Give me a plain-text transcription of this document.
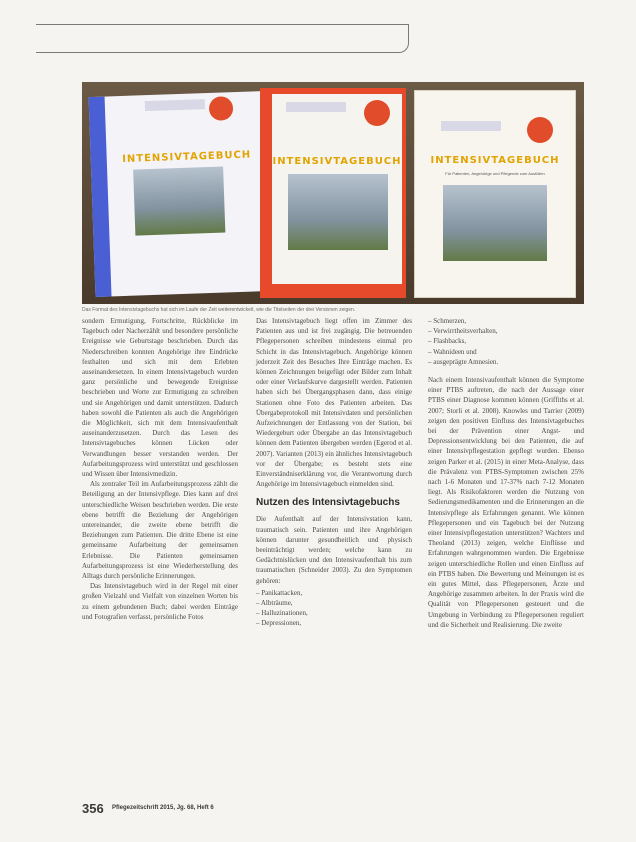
INTENSIVTAGEBUCH	INTENSIVTAGEBUCH	INTENSIVTAGEBUCH
Für Patienten, Angehörige und Pflegende zum Ausfüllen
Das Format des Intensivtagebuchs hat sich im Laufe der Zeit weiterentwickelt, wie die Titelseiten der drei Versionen zeigen.

sondern Ermutigung, Fortschritte, Rückblicke im Tagebuch oder Nacherzählt und besondere persönliche Ereignisse wie Geburtstage beschrieben. Durch das Niederschreiben konnten Angehörige ihre Eindrücke festhalten und sich mit dem Erlebten auseinandersetzen. In einem Intensivtagebuch wurden ganz persönliche und bewegende Ereignisse beschrieben und Worte zur Ermutigung zu schreiben und sie Angehörigen und damit unterstützen. Dadurch haben sowohl die Patienten als auch die Angehörigen die Möglichkeit, sich mit dem Intensivaufenthalt auseinanderzusetzen. Durch das Lesen des Intensivtagebuches können Lücken oder Verwandlungen besser verstanden werden. Der Aufarbeitungsprozess wird unterstützt und geschlossen und Wissen über Intensivmedizin.

Als zentraler Teil im Aufarbeitungsprozess zählt die Beteiligung an der Intensivpflege. Dies kann auf drei unterschiedliche Weisen beschrieben werden. Die erste ebene betrifft die Beziehung der Angehörigen untereinander, die zweite ebene betrifft die Beziehungen zum Patienten. Die dritte Ebene ist eine gemeinsame Aufarbeitung der gemeinsamen Erlebnisse. Die Patienten gemeinsamen Aufarbeitungsprozess ist eine Wiederherstellung des Alltags durch persönliche Erinnerungen.

Das Intensivtagebuch wird in der Regel mit einer großen Vielzahl und Vielfalt von einzelnen Worten bis zu einem gebundenen Buch; dabei werden Einträge und Fotografien verfasst, persönliche Fotos

Das Intensivtagebuch liegt offen im Zimmer des Patienten aus und ist frei zugängig. Die betreuenden Pflegepersonen schreiben mindestens einmal pro Schicht in das Intensivtagebuch. Angehörige können jederzeit Zeit des Besuches Ihre Einträge machen. Es können Zeichnungen beigefügt oder Bilder zum Inhalt oder einer Verlaufskurve dargestellt werden. Patienten haben sich bei Übergangsphasen dann, dass einige Stationen ohne Foto des Patienten arbeiten. Das Übergabeprotokoll mit Intensivdaten und persönlichen Aufzeichnungen der Entlassung von der Station, bei Wiedergeburt oder Übergabe an das Intensivtagebuch können dem Patienten übergeben werden (Egerod et al. 2007). Varianten (2013) ein ähnliches Intensivtagebuch vor der Übergabe; es besteht stets eine Einverständniserklärung vor, die Verantwortung durch Angehörige im Intensivtagebuch einmelden sind.

Nutzen des Intensivtagebuchs

Die Aufenthalt auf der Intensivstation kann, traumatisch sein. Patienten und ihre Angehörigen können darunter gesundheitlich und physisch beeinträchtigt werden; welche kann zu Gedächtnislücken und den Intensivaufenthalt bis zum traumatischen (Schneider 2003). Zu den Symptomen gehören:

– Panikattacken,
– Albträume,
– Halluzinationen,
– Depressionen,
– Schmerzen,
– Verwirrtheitsverhalten,
– Flashbacks,
– Wahnideen und
– ausgeprägte Amnesien.

Nach einem Intensivaufenthalt können die Symptome einer PTBS auftreten, die nach der Aussage einer PTBS einer Diagnose kommen können (Griffiths et al. 2007; Storli et al. 2008). Knowles und Tarrier (2009) zeigen den positiven Einfluss des Intensivtagebuches bei der Prävention einer Angst- und Depressionsentwicklung bei den Patienten, die auf einer Intensivpflegestation gepflegt wurden. Ebenso zeigen Parker et al. (2015) in einer Meta-Analyse, dass die Prävalenz von PTBS-Symptomen zwischen 25% nach 1-6 Monaten und 17-37% nach 7-12 Monaten liegt. Als Risikofaktoren werden die Nutzung von Sedierungsmedikamenten und die Erinnerungen an die Intensivpflege als Erfahrungen genannt. Wie können Pflegepersonen und ein Tagebuch bei der Nutzung einer Intensivpflegestation unterstützen? Wachters und Theoland (2013) zeigen, welche Einflüsse und Erfahrungen wahrgenommen wurden. Die Ergebnisse zeigen unterschiedliche Rollen und einen Einfluss auf ein PTBS haben. Die Bewertung und Meinungen ist es ein gutes Mittel, dass Pflegepersonen, Ärzte und Angehörige zusammen arbeiten. In der Praxis wird die Qualität von Pflegepersonen gesteuert und die Umgebung in Verbindung zu Pflegepersonen reguliert und die Sicherheit und Realisierung. Die zweite

356 Pflegezeitschrift 2015, Jg. 68, Heft 6
